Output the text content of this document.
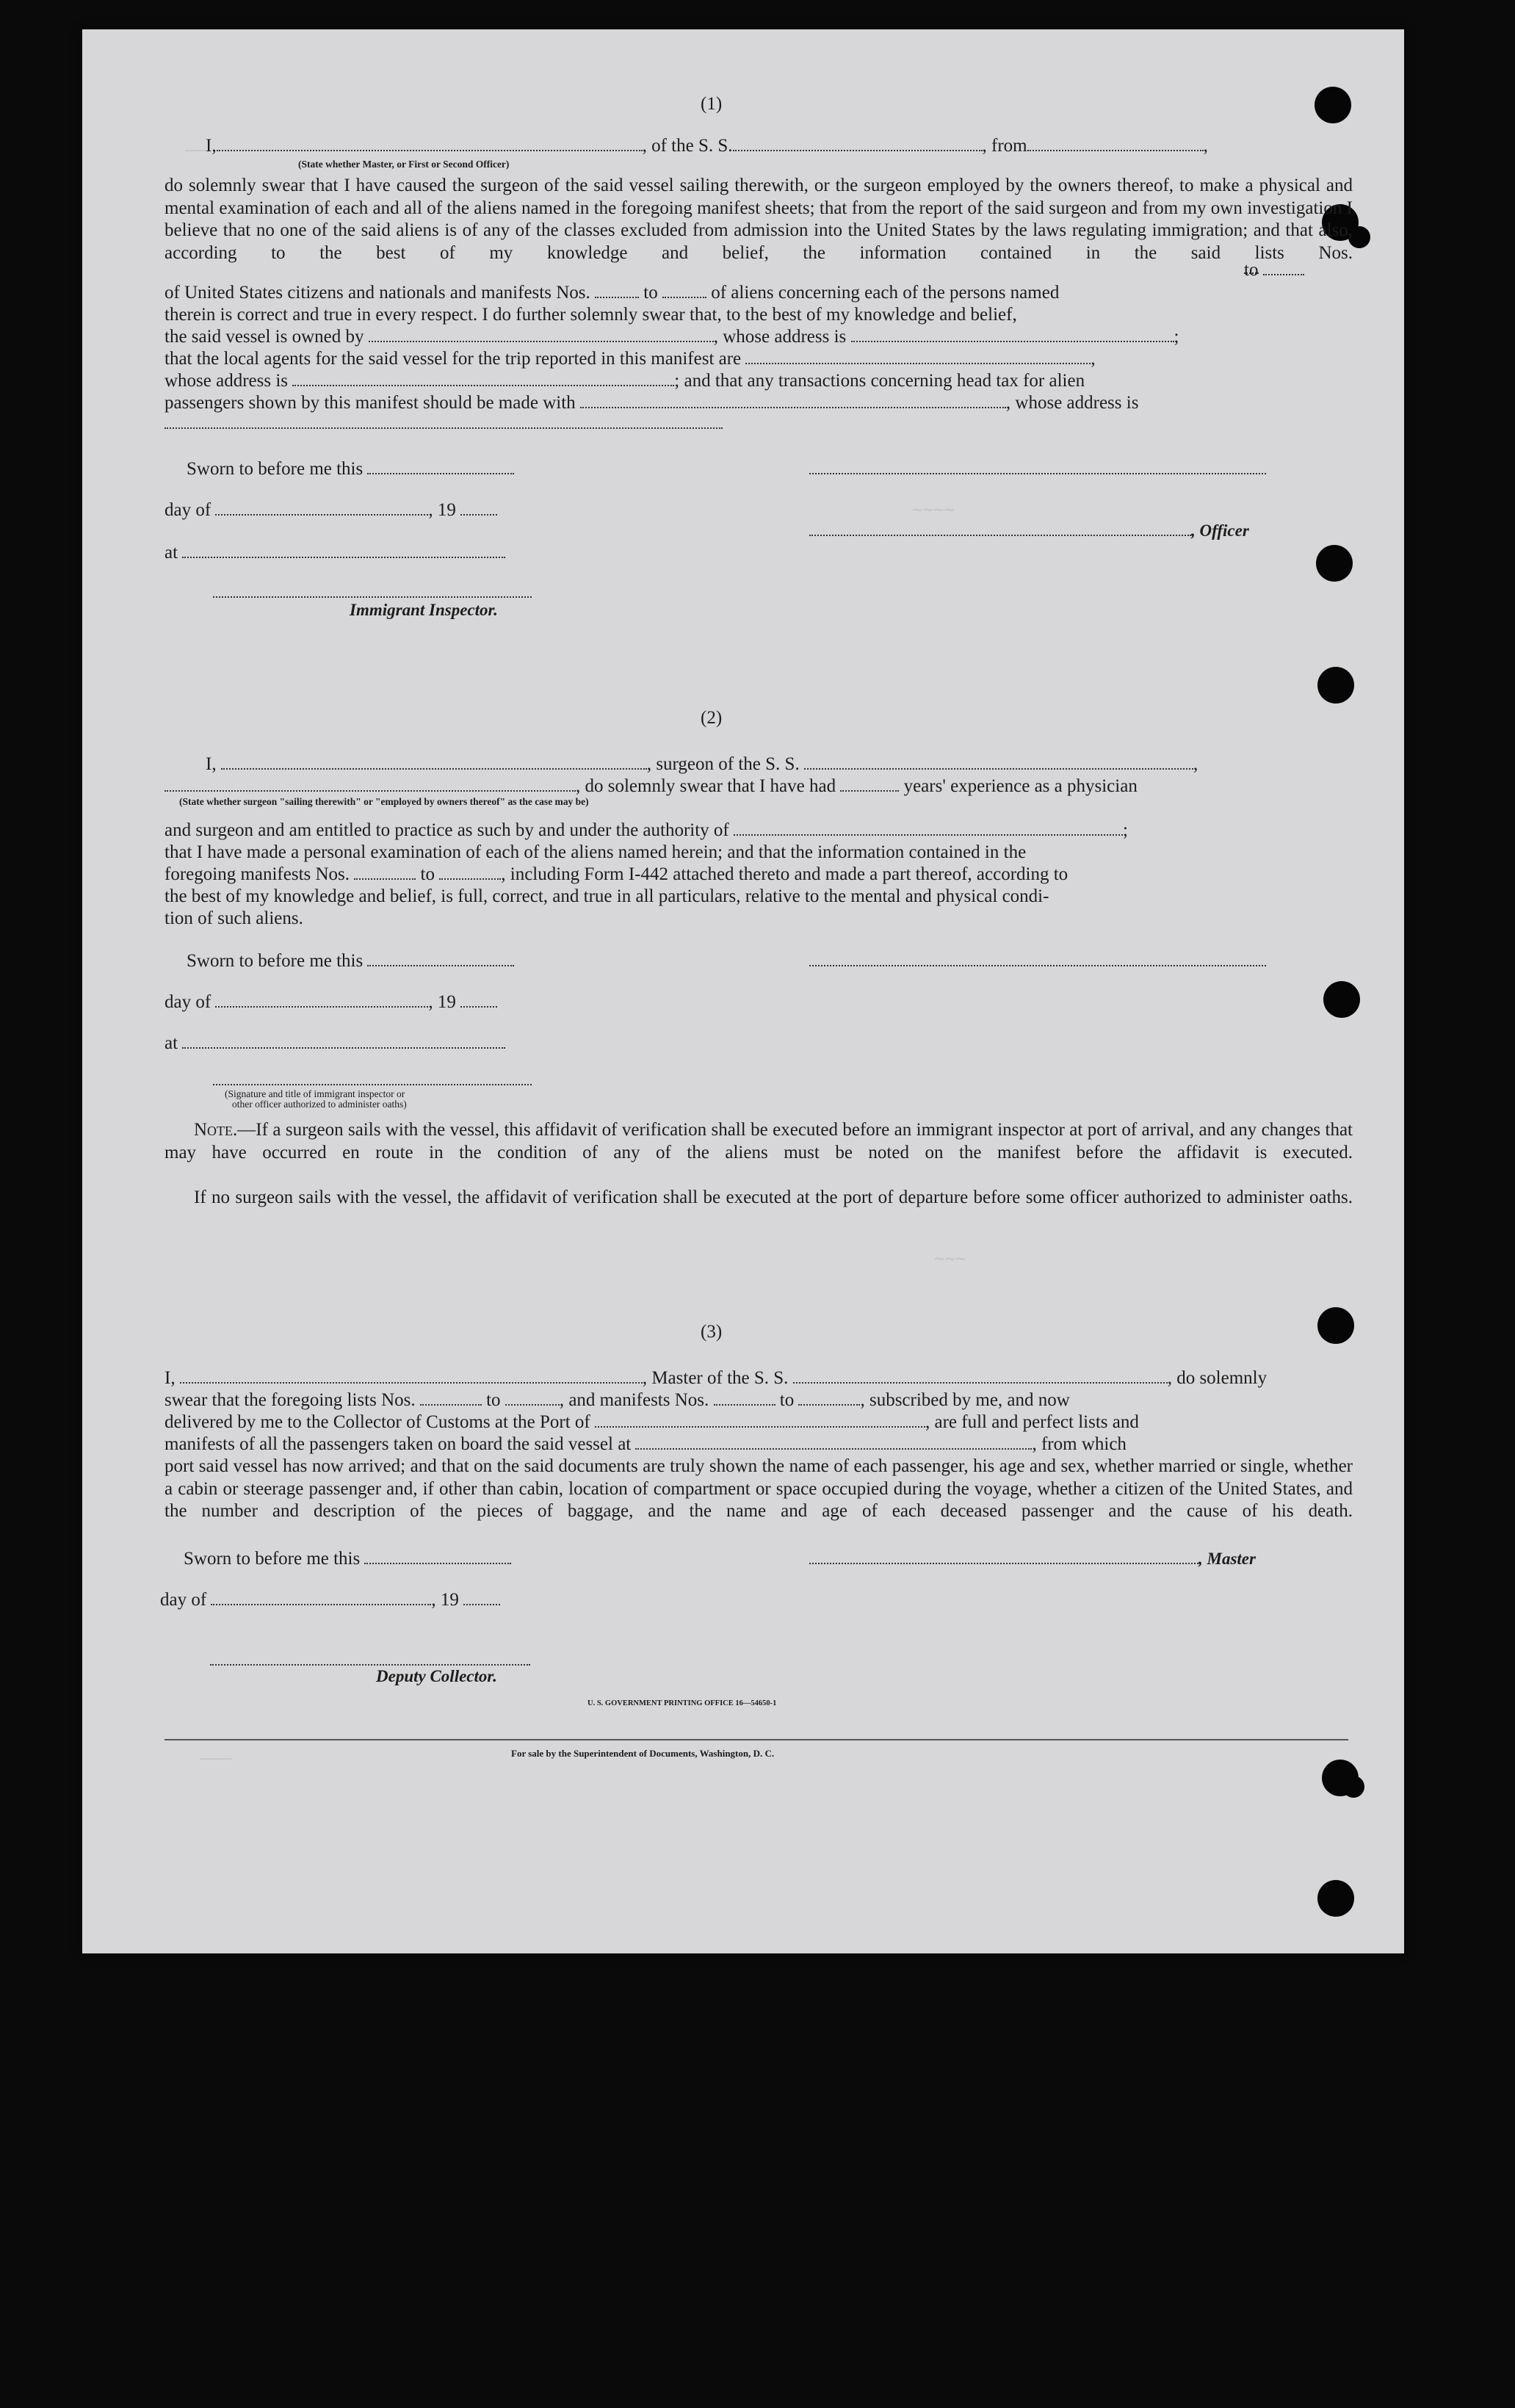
——
~~~~
~~~
———
(1)
I,	, of the S. S.	, from	,
(State whether Master, or First or Second Officer)
do solemnly swear that I have caused the surgeon of the said vessel sailing therewith, or the surgeon employed by the owners thereof, to make a physical and mental examination of each and all of the aliens named in the foregoing manifest sheets; that from the report of the said surgeon and from my own investigation I believe that no one of the said aliens is of any of the classes excluded from admission into the United States by the laws regulating immigration; and that also, according to the best of my knowledge and belief, the information contained in the said lists Nos.
of United States citizens and nationals and manifests Nos.	to	of aliens concerning each of the persons named
to
therein is correct and true in every respect. I do further solemnly swear that, to the best of my knowledge and belief,
the said vessel is owned by	, whose address is	;
that the local agents for the said vessel for the trip reported in this manifest are	,
whose address is	; and that any transactions concerning head tax for alien
passengers shown by this manifest should be made with	, whose address is
Sworn to before me this
day of	, 19
, Officer
at
Immigrant Inspector.
(2)
I,	, surgeon of the S. S.	,
, do solemnly swear that I have had	years' experience as a physician
(State whether surgeon "sailing therewith" or "employed by owners thereof" as the case may be)
and surgeon and am entitled to practice as such by and under the authority of	;
that I have made a personal examination of each of the aliens named herein; and that the information contained in the
foregoing manifests Nos.	to	, including Form I-442 attached thereto and made a part thereof, according to
the best of my knowledge and belief, is full, correct, and true in all particulars, relative to the mental and physical condi-
tion of such aliens.
Sworn to before me this
day of	, 19
at
(Signature and title of immigrant inspector or
other officer authorized to administer oaths)
Note.—If a surgeon sails with the vessel, this affidavit of verification shall be executed before an immigrant inspector at port of arrival, and any changes that may have occurred en route in the condition of any of the aliens must be noted on the manifest before the affidavit is executed.
If no surgeon sails with the vessel, the affidavit of verification shall be executed at the port of departure before some officer authorized to administer oaths.
(3)
I,	, Master of the S. S.	, do solemnly
swear that the foregoing lists Nos.	to	, and manifests Nos.	to	, subscribed by me, and now
delivered by me to the Collector of Customs at the Port of	, are full and perfect lists and
manifests of all the passengers taken on board the said vessel at	, from which
port said vessel has now arrived; and that on the said documents are truly shown the name of each passenger, his age and sex, whether married or single, whether a cabin or steerage passenger and, if other than cabin, location of compartment or space occupied during the voyage, whether a citizen of the United States, and the number and description of the pieces of baggage, and the name and age of each deceased passenger and the cause of his death.
Sworn to before me this	, Master
day of	, 19
Deputy Collector.
U. S. GOVERNMENT PRINTING OFFICE 16—54650-1
For sale by the Superintendent of Documents, Washington, D. C.
